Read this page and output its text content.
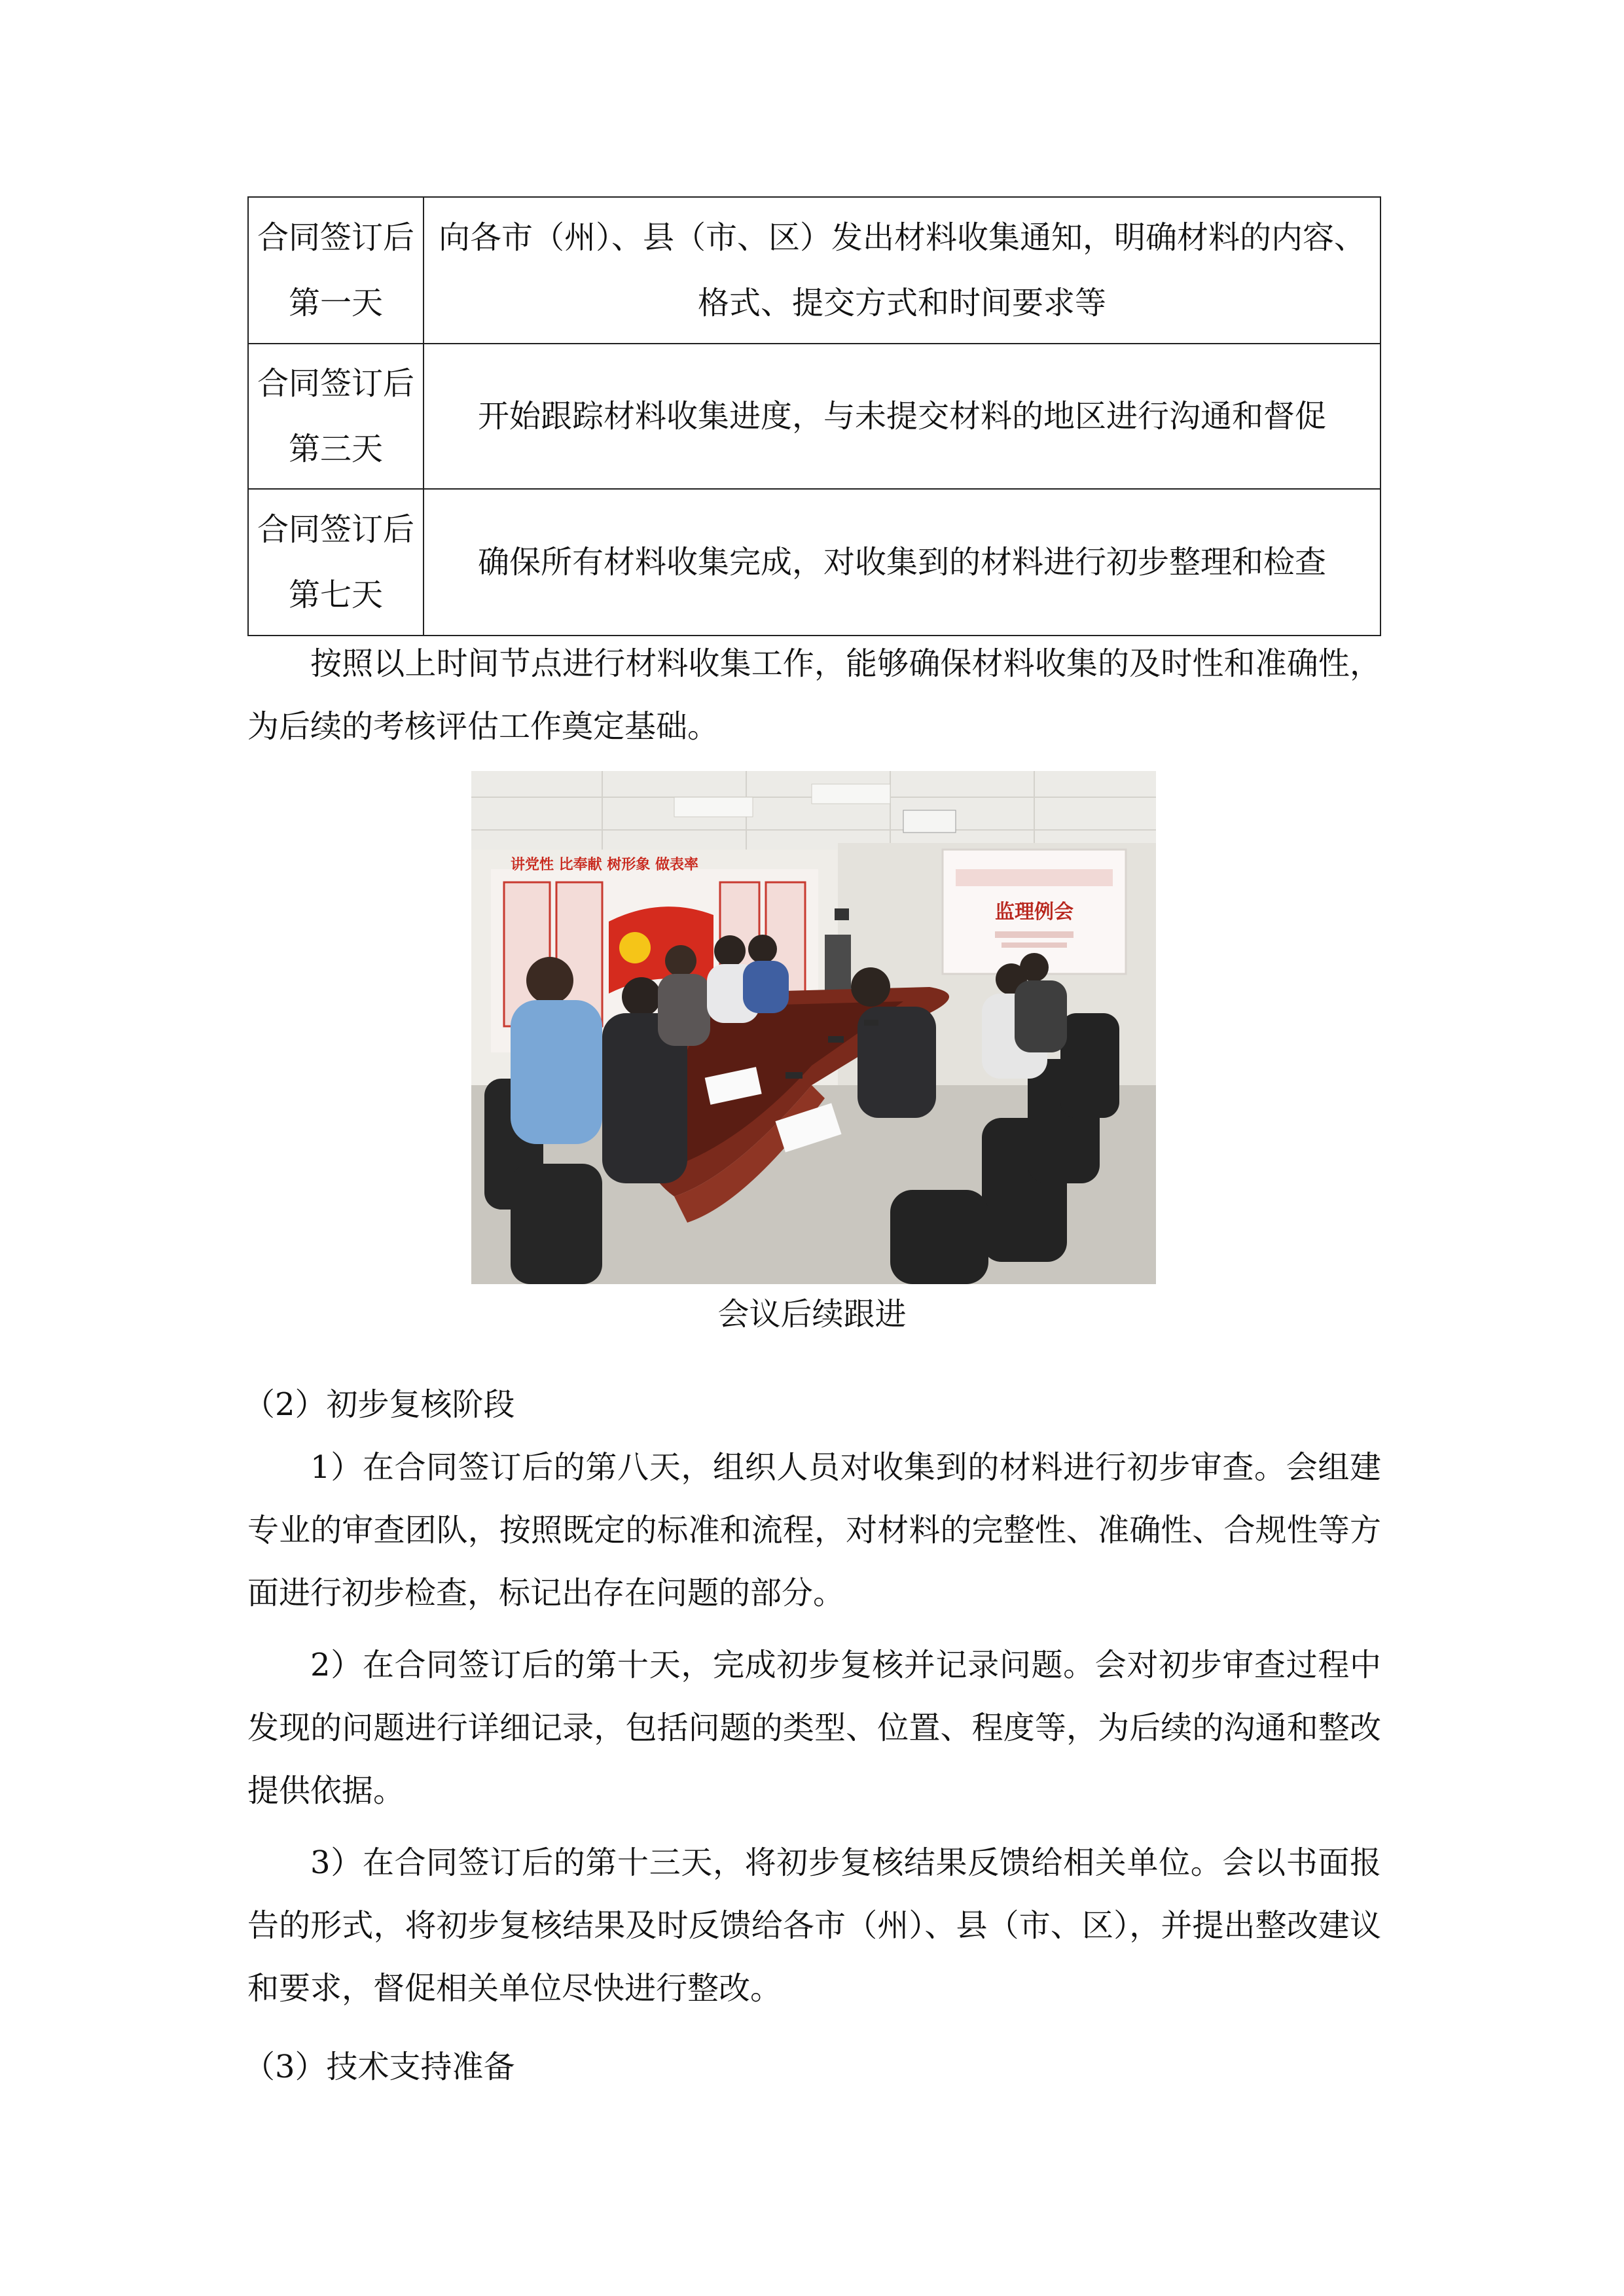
合同签订后
第一天	向各市（州）、县（市、区）发出材料收集通知，明确材料的内容、格式、提交方式和时间要求等

合同签订后
第三天	开始跟踪材料收集进度，与未提交材料的地区进行沟通和督促

合同签订后
第七天	确保所有材料收集完成，对收集到的材料进行初步整理和检查

按照以上时间节点进行材料收集工作，能够确保材料收集的及时性和准确性，为后续的考核评估工作奠定基础。

讲党性 比奉献 树形象 做表率
监理例会

会议后续跟进

（2）初步复核阶段

1）在合同签订后的第八天，组织人员对收集到的材料进行初步审查。会组建专业的审查团队，按照既定的标准和流程，对材料的完整性、准确性、合规性等方面进行初步检查，标记出存在问题的部分。

2）在合同签订后的第十天，完成初步复核并记录问题。会对初步审查过程中发现的问题进行详细记录，包括问题的类型、位置、程度等，为后续的沟通和整改提供依据。

3）在合同签订后的第十三天，将初步复核结果反馈给相关单位。会以书面报告的形式，将初步复核结果及时反馈给各市（州）、县（市、区），并提出整改建议和要求，督促相关单位尽快进行整改。

（3）技术支持准备
